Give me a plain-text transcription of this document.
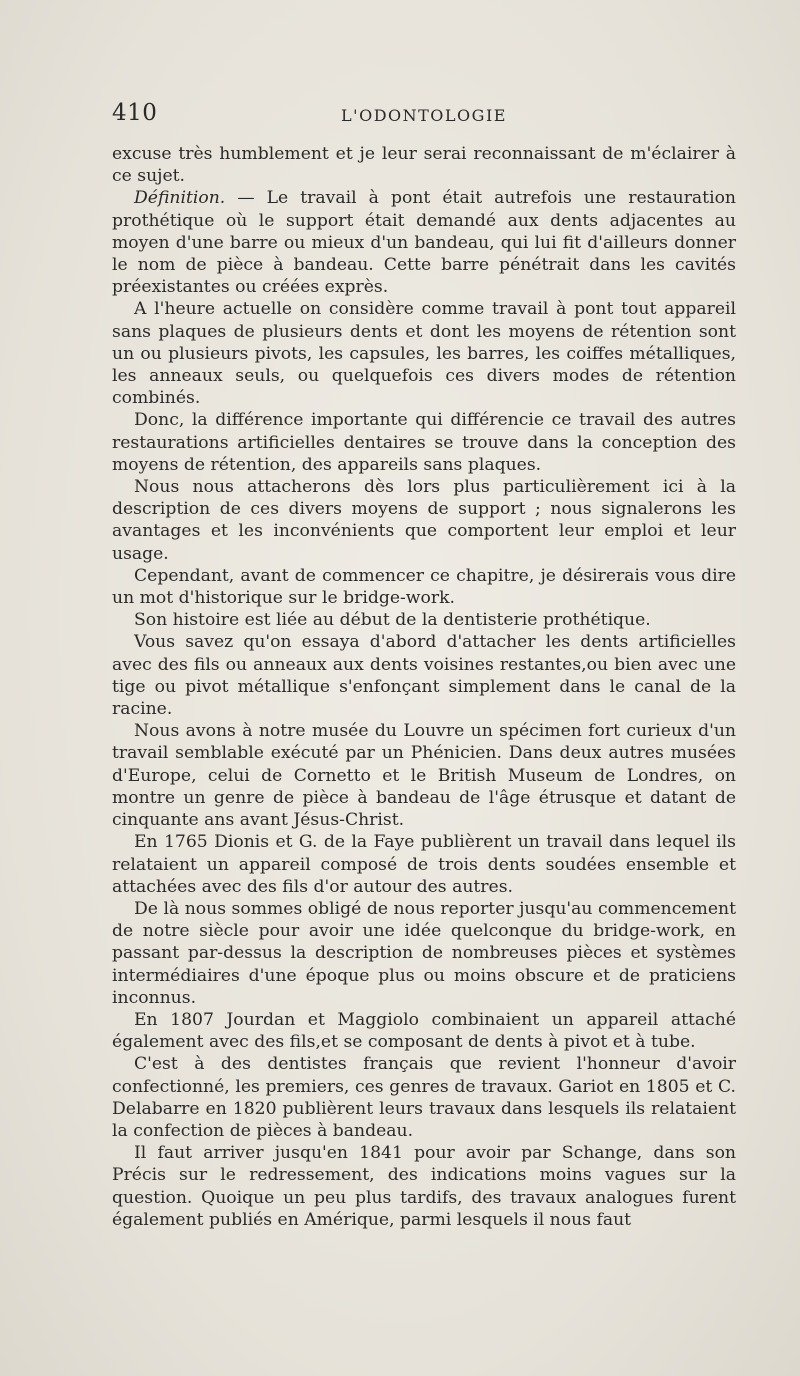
410	L'ODONTOLOGIE

excuse très humblement et je leur serai reconnaissant de m'éclairer à ce sujet.

Définition. — Le travail à pont était autrefois une restauration prothétique où le support était demandé aux dents adjacentes au moyen d'une barre ou mieux d'un bandeau, qui lui fit d'ailleurs donner le nom de pièce à bandeau. Cette barre pénétrait dans les cavités préexistantes ou créées exprès.

A l'heure actuelle on considère comme travail à pont tout appareil sans plaques de plusieurs dents et dont les moyens de rétention sont un ou plusieurs pivots, les capsules, les barres, les coiffes métalliques, les anneaux seuls, ou quelquefois ces divers modes de rétention combinés.

Donc, la différence importante qui différencie ce travail des autres restaurations artificielles dentaires se trouve dans la conception des moyens de rétention, des appareils sans plaques.

Nous nous attacherons dès lors plus particulièrement ici à la description de ces divers moyens de support ; nous signalerons les avantages et les inconvénients que comportent leur emploi et leur usage.

Cependant, avant de commencer ce chapitre, je désirerais vous dire un mot d'historique sur le bridge-work.

Son histoire est liée au début de la dentisterie prothétique.

Vous savez qu'on essaya d'abord d'attacher les dents artificielles avec des fils ou anneaux aux dents voisines restantes,ou bien avec une tige ou pivot métallique s'enfonçant simplement dans le canal de la racine.

Nous avons à notre musée du Louvre un spécimen fort curieux d'un travail semblable exécuté par un Phénicien. Dans deux autres musées d'Europe, celui de Cornetto et le British Museum de Londres, on montre un genre de pièce à bandeau de l'âge étrusque et datant de cinquante ans avant Jésus-Christ.

En 1765 Dionis et G. de la Faye publièrent un travail dans lequel ils relataient un appareil composé de trois dents soudées ensemble et attachées avec des fils d'or autour des autres.

De là nous sommes obligé de nous reporter jusqu'au commencement de notre siècle pour avoir une idée quelconque du bridge-work, en passant par-dessus la description de nombreuses pièces et systèmes intermédiaires d'une époque plus ou moins obscure et de praticiens inconnus.

En 1807 Jourdan et Maggiolo combinaient un appareil attaché également avec des fils,et se composant de dents à pivot et à tube.

C'est à des dentistes français que revient l'honneur d'avoir confectionné, les premiers, ces genres de travaux. Gariot en 1805 et C. Delabarre en 1820 publièrent leurs travaux dans lesquels ils relataient la confection de pièces à bandeau.

Il faut arriver jusqu'en 1841 pour avoir par Schange, dans son Précis sur le redressement, des indications moins vagues sur la question. Quoique un peu plus tardifs, des travaux analogues furent également publiés en Amérique, parmi lesquels il nous faut
